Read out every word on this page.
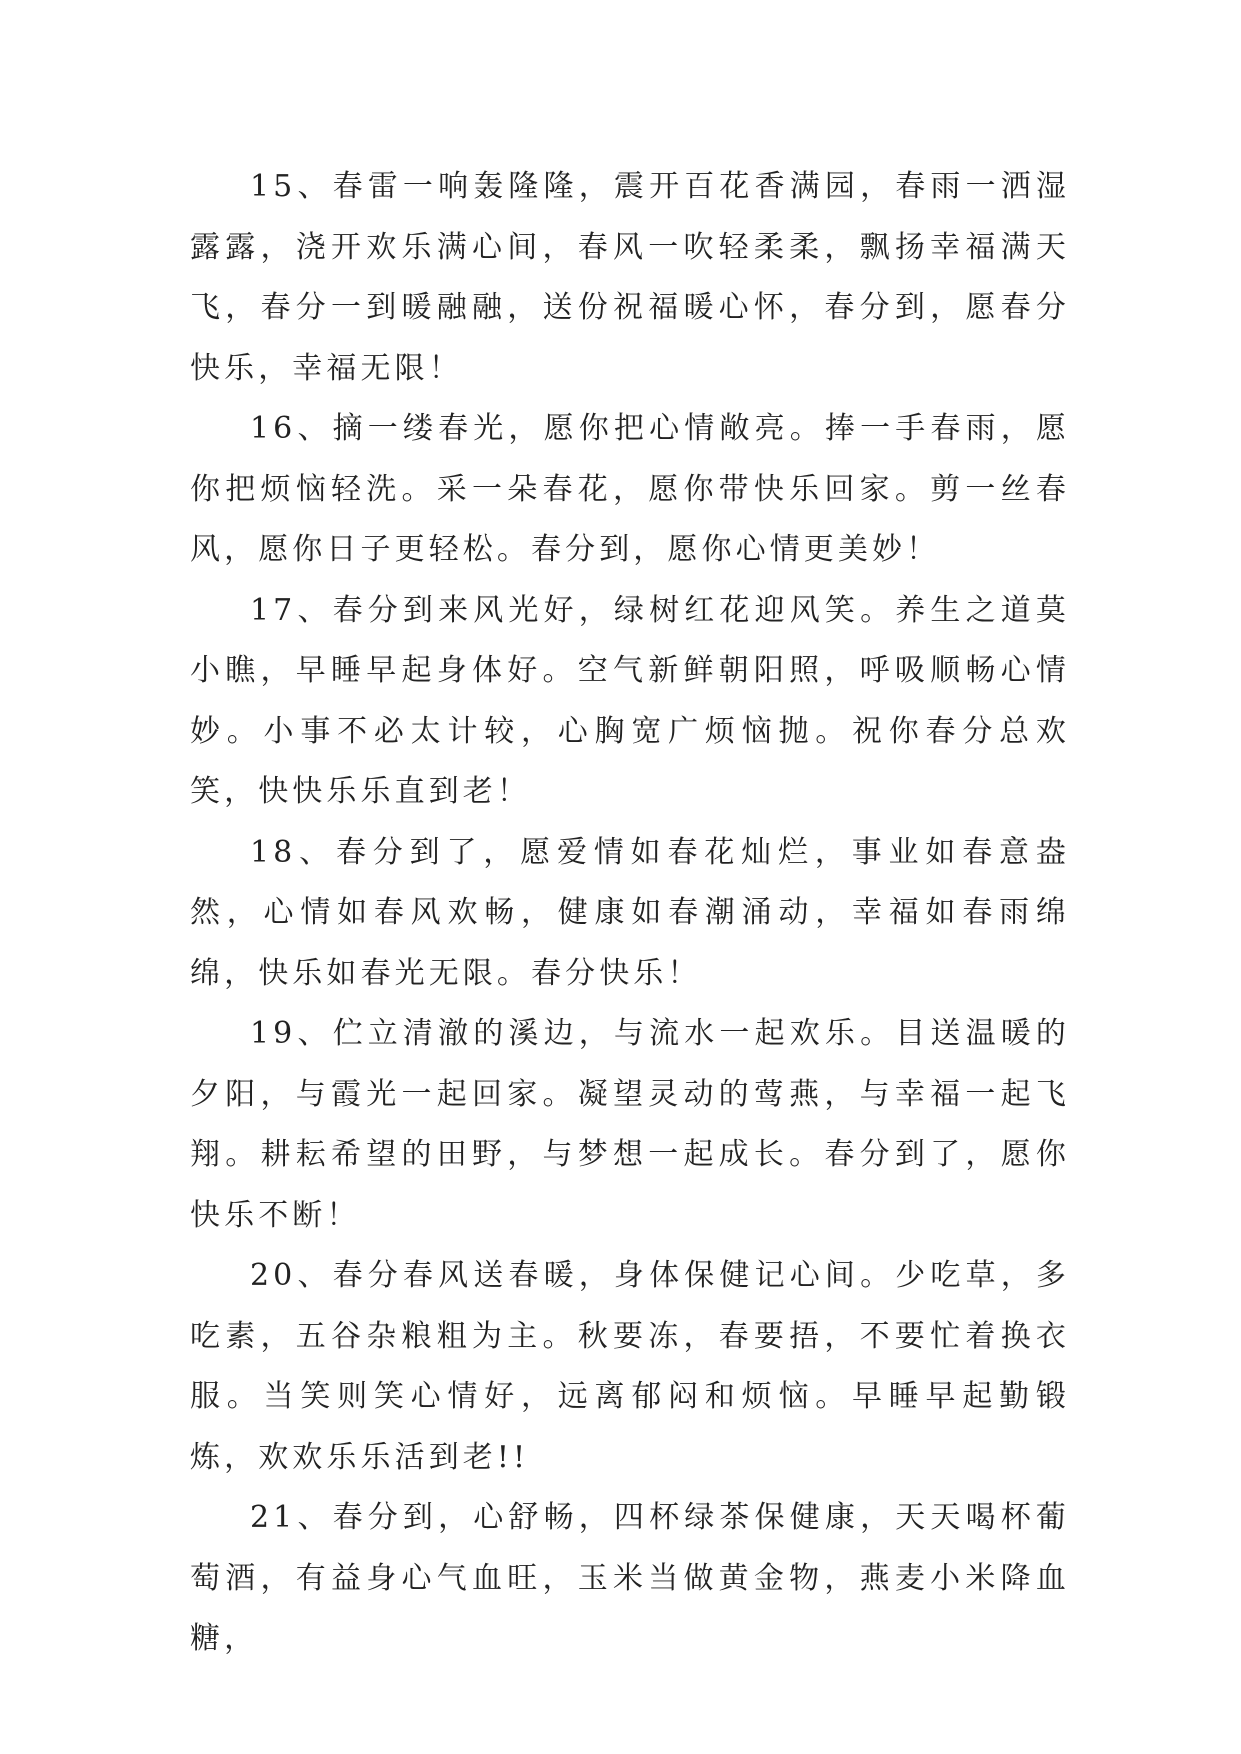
15、春雷一响轰隆隆，震开百花香满园，春雨一洒湿露露，浇开欢乐满心间，春风一吹轻柔柔，飘扬幸福满天飞，春分一到暖融融，送份祝福暖心怀，春分到，愿春分快乐，幸福无限！

16、摘一缕春光，愿你把心情敞亮。捧一手春雨，愿你把烦恼轻洗。采一朵春花，愿你带快乐回家。剪一丝春风，愿你日子更轻松。春分到，愿你心情更美妙！

17、春分到来风光好，绿树红花迎风笑。养生之道莫小瞧，早睡早起身体好。空气新鲜朝阳照，呼吸顺畅心情妙。小事不必太计较，心胸宽广烦恼抛。祝你春分总欢笑，快快乐乐直到老！

18、春分到了，愿爱情如春花灿烂，事业如春意盎然，心情如春风欢畅，健康如春潮涌动，幸福如春雨绵绵，快乐如春光无限。春分快乐！

19、伫立清澈的溪边，与流水一起欢乐。目送温暖的夕阳，与霞光一起回家。凝望灵动的莺燕，与幸福一起飞翔。耕耘希望的田野，与梦想一起成长。春分到了，愿你快乐不断！

20、春分春风送春暖，身体保健记心间。少吃草，多吃素，五谷杂粮粗为主。秋要冻，春要捂，不要忙着换衣服。当笑则笑心情好，远离郁闷和烦恼。早睡早起勤锻炼，欢欢乐乐活到老!!

21、春分到，心舒畅，四杯绿茶保健康，天天喝杯葡萄酒，有益身心气血旺，玉米当做黄金物，燕麦小米降血糖，
